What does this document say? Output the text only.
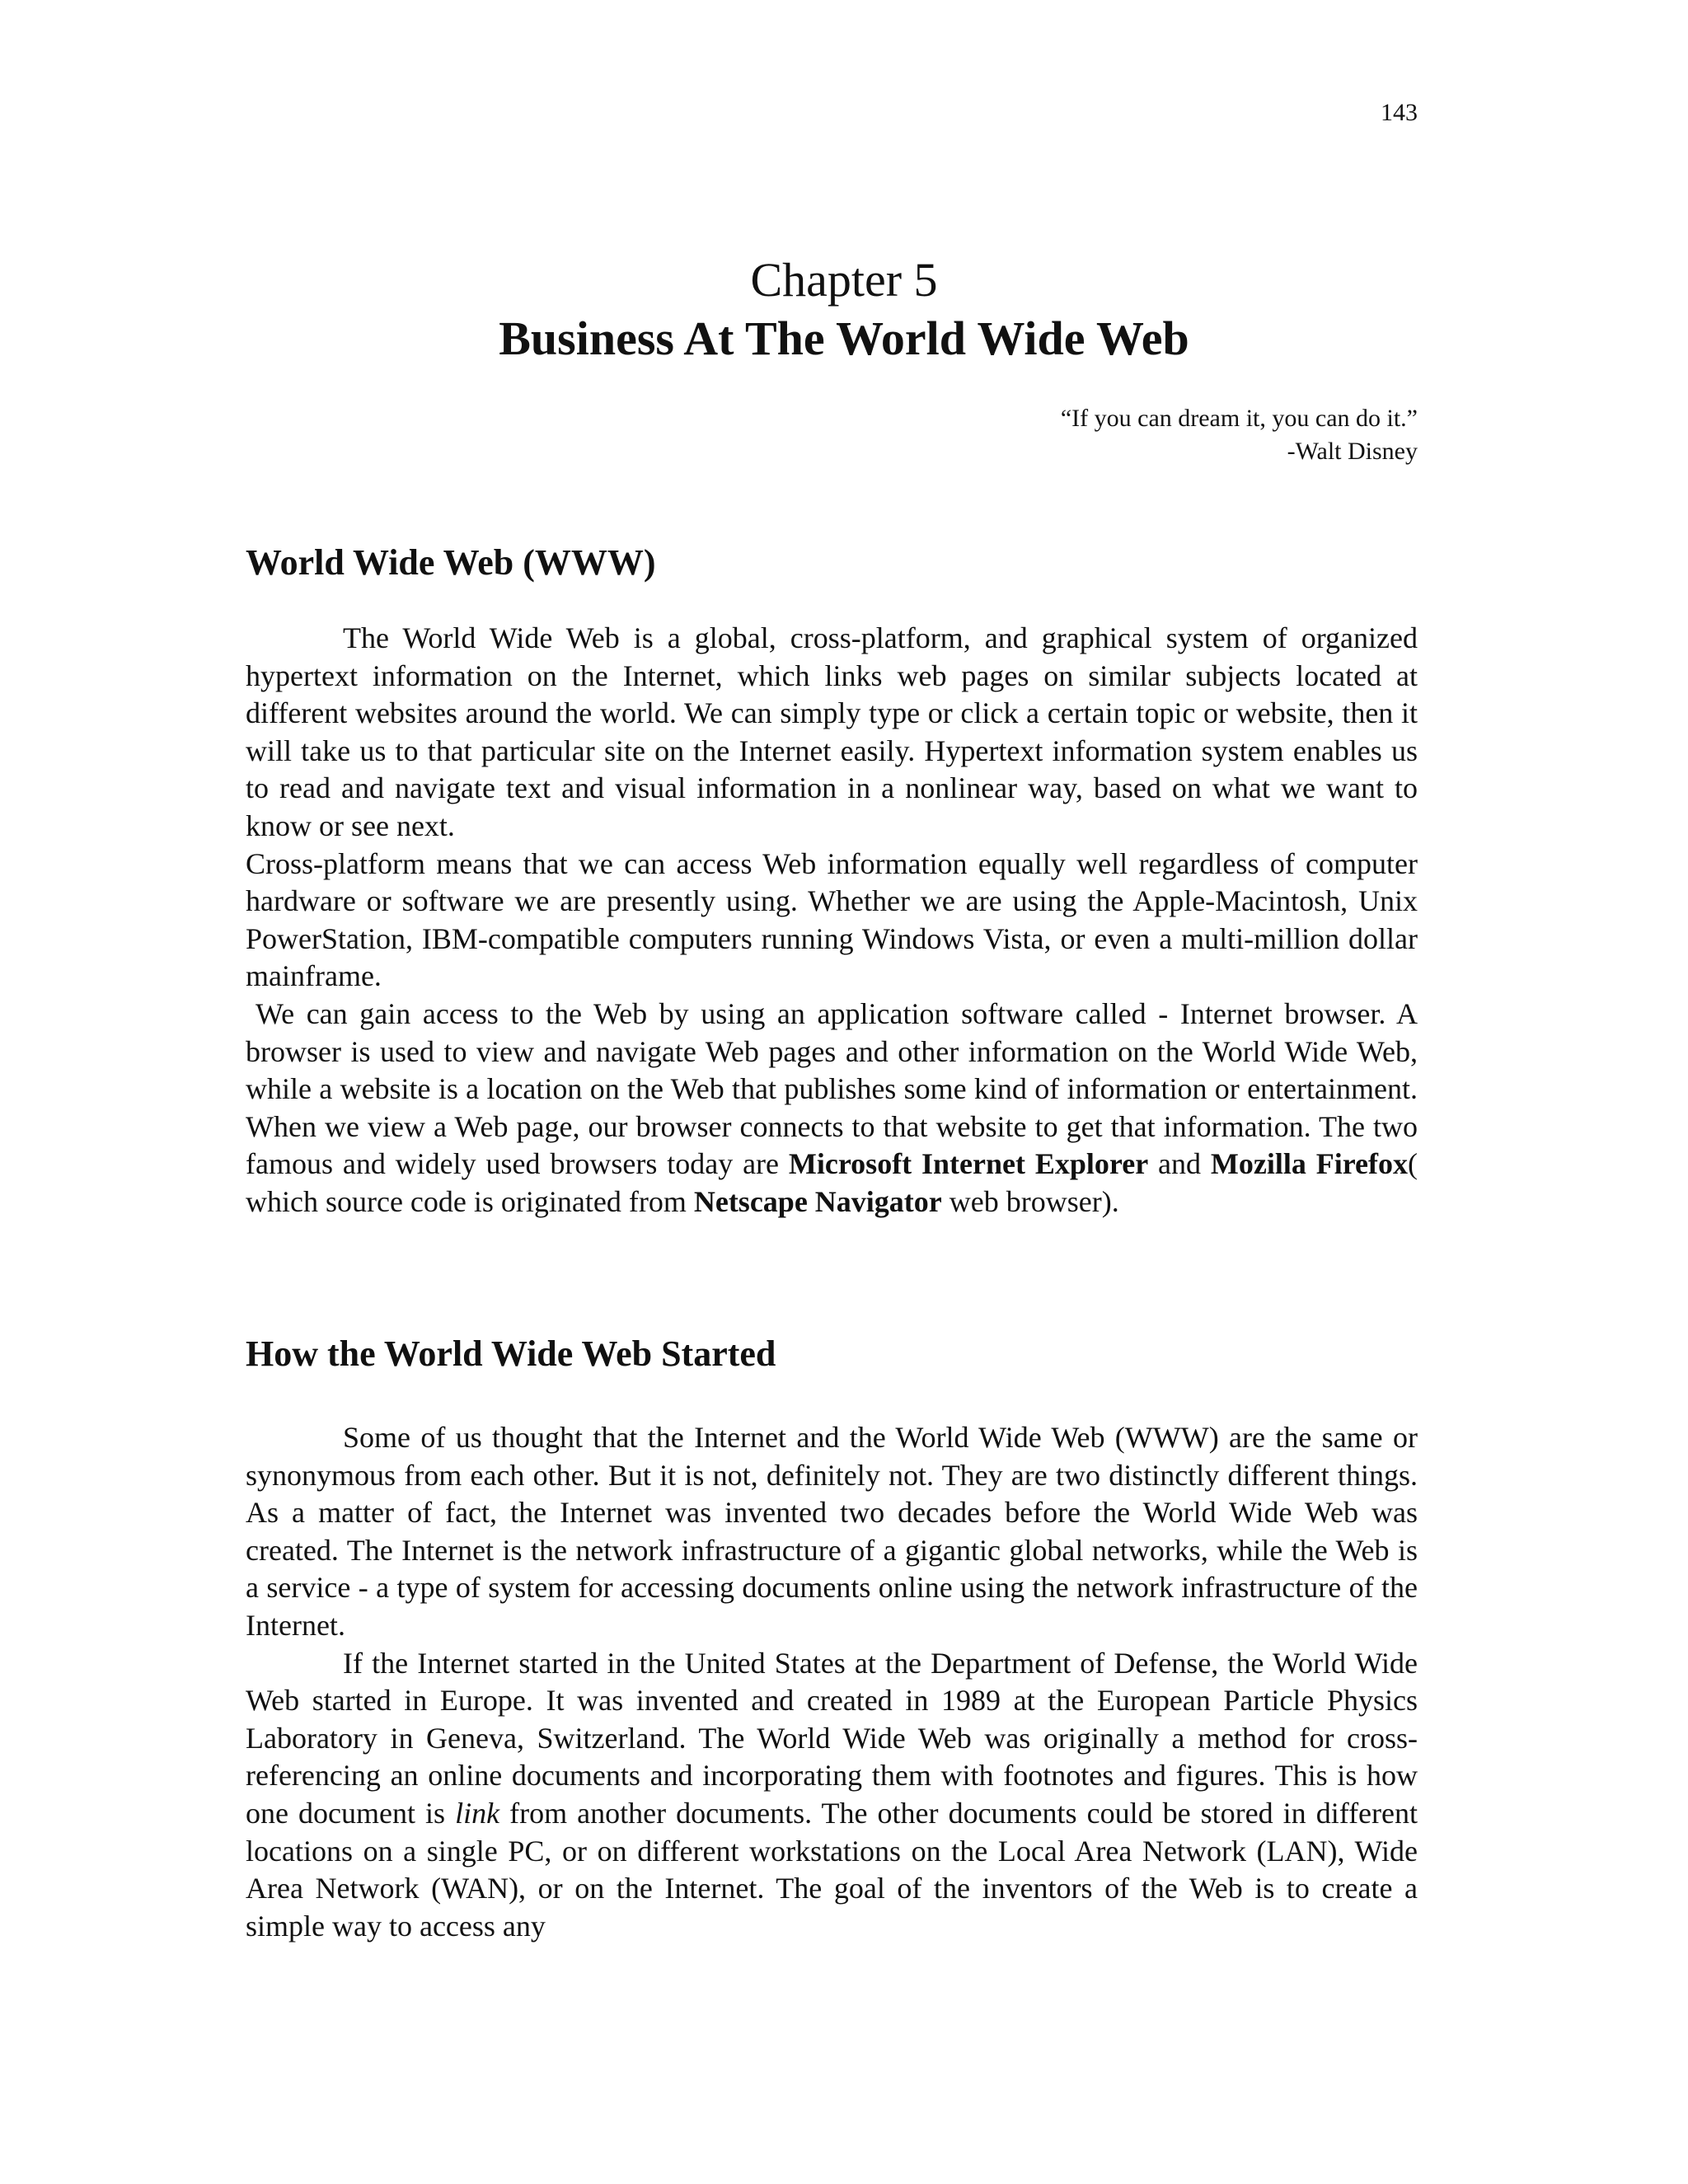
143
Chapter 5
Business At The World Wide Web
“If you can dream it, you can do it.”
-Walt Disney
World Wide Web (WWW)

The World Wide Web is a global, cross-platform, and graphical system of organized hypertext information on the Internet, which links web pages on similar subjects located at different websites around the world. We can simply type or click a certain topic or website, then it will take us to that particular site on the Internet easily. Hypertext information system enables us to read and navigate text and visual information in a nonlinear way, based on what we want to know or see next.

Cross-platform means that we can access Web information equally well regardless of computer hardware or software we are presently using. Whether we are using the Apple-Macintosh, Unix PowerStation, IBM-compatible computers running Windows Vista, or even a multi-million dollar mainframe.

We can gain access to the Web by using an application software called - Internet browser. A browser is used to view and navigate Web pages and other information on the World Wide Web, while a website is a location on the Web that publishes some kind of information or entertainment. When we view a Web page, our browser connects to that website to get that information. The two famous and widely used browsers today are Microsoft Internet Explorer and Mozilla Firefox( which source code is originated from Netscape Navigator web browser).

How the World Wide Web Started

Some of us thought that the Internet and the World Wide Web (WWW) are the same or synonymous from each other. But it is not, definitely not. They are two distinctly different things. As a matter of fact, the Internet was invented two decades before the World Wide Web was created. The Internet is the network infrastructure of a gigantic global networks, while the Web is a service - a type of system for accessing documents online using the network infrastructure of the Internet.

If the Internet started in the United States at the Department of Defense, the World Wide Web started in Europe. It was invented and created in 1989 at the European Particle Physics Laboratory in Geneva, Switzerland. The World Wide Web was originally a method for cross-referencing an online documents and incorporating them with footnotes and figures. This is how one document is link from another documents. The other documents could be stored in different locations on a single PC, or on different workstations on the Local Area Network (LAN), Wide Area Network (WAN), or on the Internet. The goal of the inventors of the Web is to create a simple way to access any
